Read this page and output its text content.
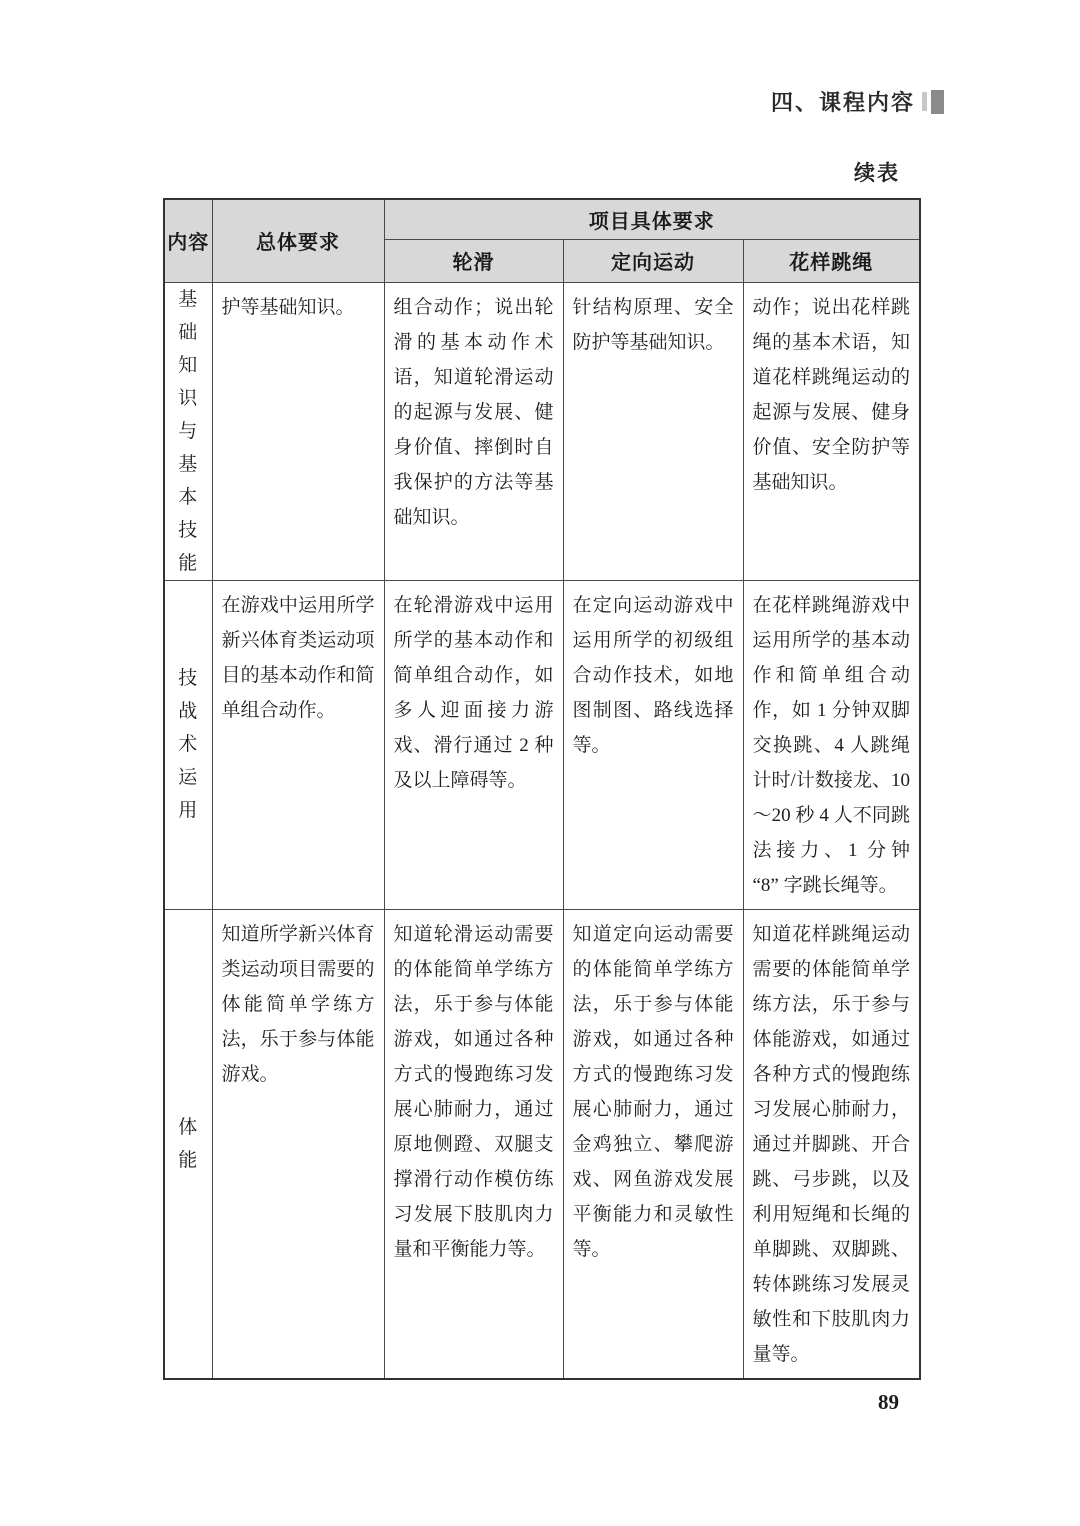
四、课程内容
续表
内容	总体要求	项目具体要求		
		轮滑	定向运动	花样跳绳
基础知识与基本技能	护等基础知识。	组合动作；说出轮滑的基本动作术语，知道轮滑运动的起源与发展、健身价值、摔倒时自我保护的方法等基础知识。	针结构原理、安全防护等基础知识。	动作；说出花样跳绳的基本术语，知道花样跳绳运动的起源与发展、健身价值、安全防护等基础知识。
技战术运用	在游戏中运用所学新兴体育类运动项目的基本动作和简单组合动作。	在轮滑游戏中运用所学的基本动作和简单组合动作，如多人迎面接力游戏、滑行通过 2 种及以上障碍等。	在定向运动游戏中运用所学的初级组合动作技术，如地图制图、路线选择等。	在花样跳绳游戏中运用所学的基本动作和简单组合动作，如 1 分钟双脚交换跳、4 人跳绳计时/计数接龙、10～20 秒 4 人不同跳法接力、1 分钟 “8” 字跳长绳等。
体能	知道所学新兴体育类运动项目需要的体能简单学练方法，乐于参与体能游戏。	知道轮滑运动需要的体能简单学练方法，乐于参与体能游戏，如通过各种方式的慢跑练习发展心肺耐力，通过原地侧蹬、双腿支撑滑行动作模仿练习发展下肢肌肉力量和平衡能力等。	知道定向运动需要的体能简单学练方法，乐于参与体能游戏，如通过各种方式的慢跑练习发展心肺耐力，通过金鸡独立、攀爬游戏、网鱼游戏发展平衡能力和灵敏性等。	知道花样跳绳运动需要的体能简单学练方法，乐于参与体能游戏，如通过各种方式的慢跑练习发展心肺耐力，通过并脚跳、开合跳、弓步跳，以及利用短绳和长绳的单脚跳、双脚跳、转体跳练习发展灵敏性和下肢肌肉力量等。
89
